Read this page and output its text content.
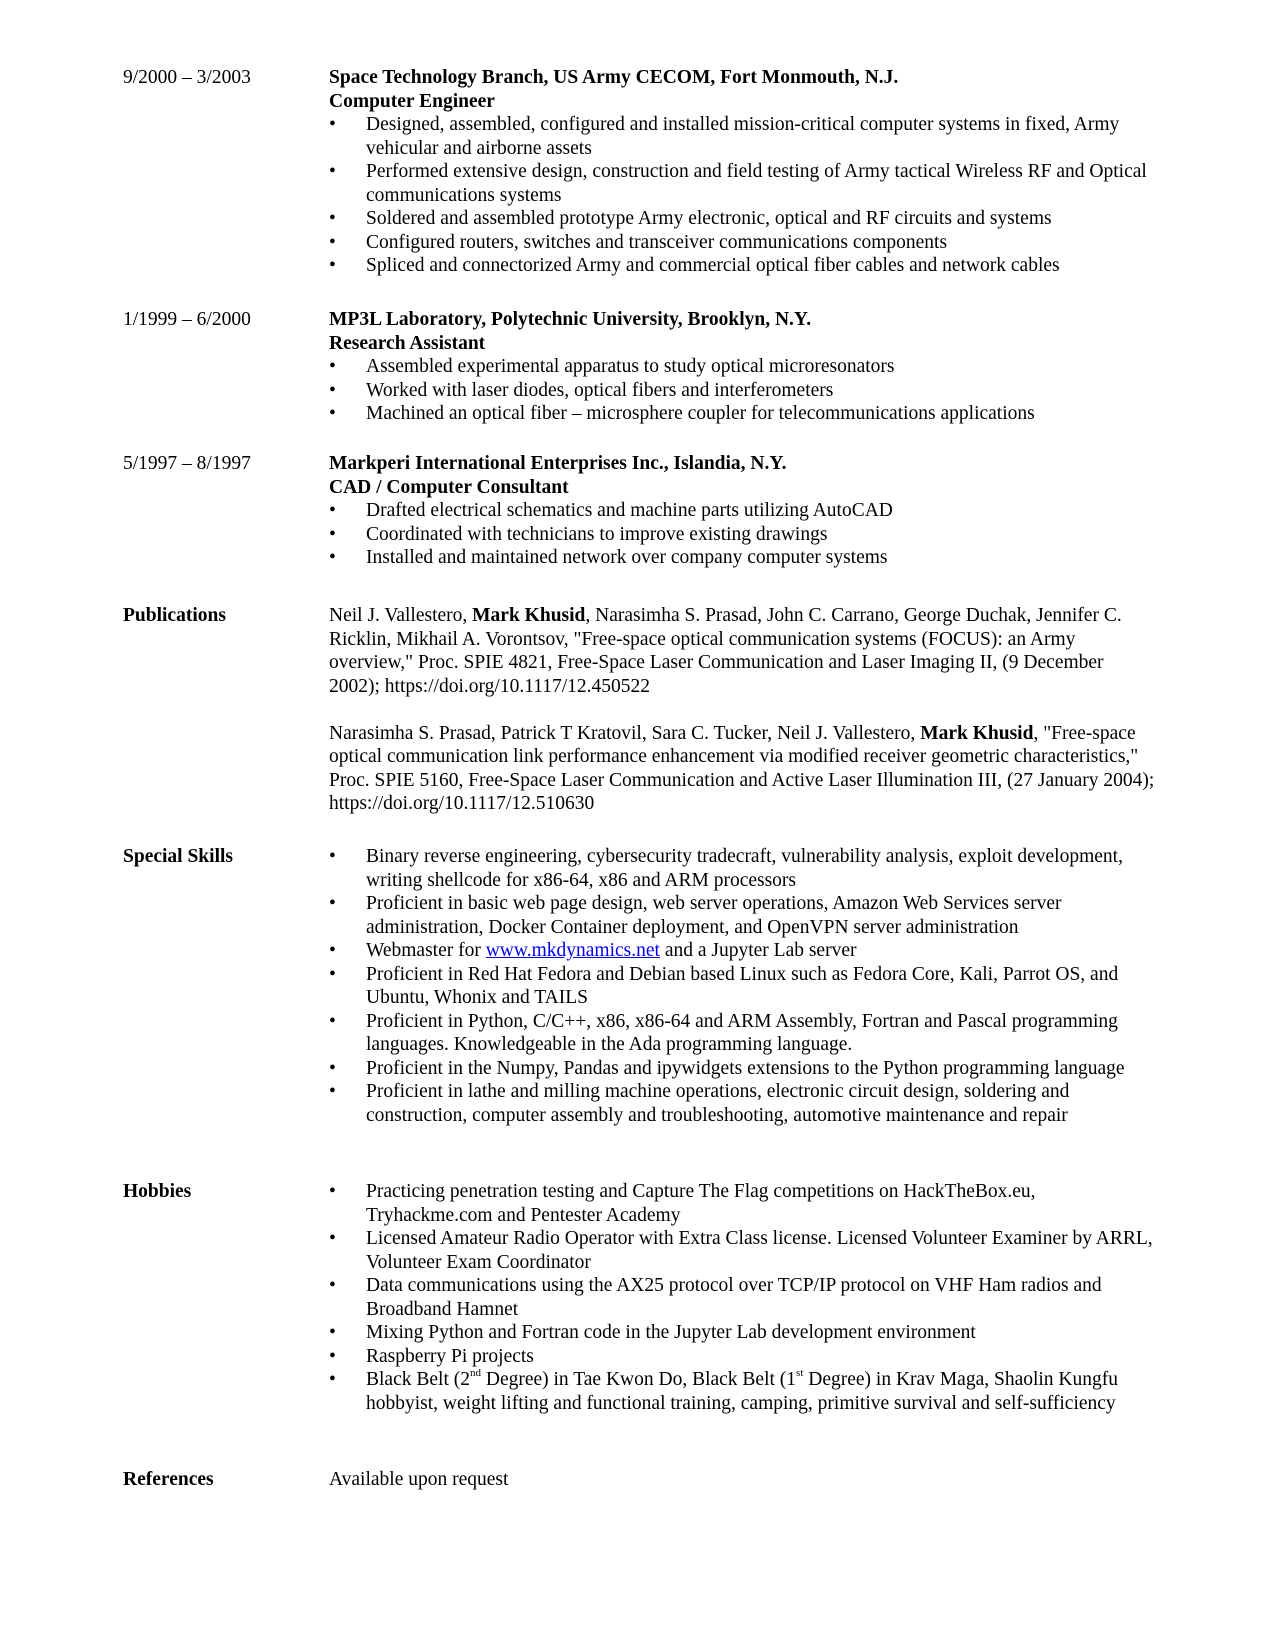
9/2000 – 3/2003	Space Technology Branch, US Army CECOM, Fort Monmouth, N.J.

Computer Engineer

• Designed, assembled, configured and installed mission-critical computer systems in fixed, Army vehicular and airborne assets
• Performed extensive design, construction and field testing of Army tactical Wireless RF and Optical communications systems
• Soldered and assembled prototype Army electronic, optical and RF circuits and systems
• Configured routers, switches and transceiver communications components
• Spliced and connectorized Army and commercial optical fiber cables and network cables
1/1999 – 6/2000	MP3L Laboratory, Polytechnic University, Brooklyn, N.Y.

Research Assistant

• Assembled experimental apparatus to study optical microresonators
• Worked with laser diodes, optical fibers and interferometers
• Machined an optical fiber – microsphere coupler for telecommunications applications
5/1997 – 8/1997	Markperi International Enterprises Inc., Islandia, N.Y.

CAD / Computer Consultant

• Drafted electrical schematics and machine parts utilizing AutoCAD
• Coordinated with technicians to improve existing drawings
• Installed and maintained network over company computer systems
Publications	Neil J. Vallestero, Mark Khusid, Narasimha S. Prasad, John C. Carrano, George Duchak, Jennifer C. Ricklin, Mikhail A. Vorontsov, "Free-space optical communication systems (FOCUS): an Army overview," Proc. SPIE 4821, Free-Space Laser Communication and Laser Imaging II, (9 December 2002); https://doi.org/10.1117/12.450522

Narasimha S. Prasad, Patrick T Kratovil, Sara C. Tucker, Neil J. Vallestero, Mark Khusid, "Free-space optical communication link performance enhancement via modified receiver geometric characteristics," Proc. SPIE 5160, Free-Space Laser Communication and Active Laser Illumination III, (27 January 2004); https://doi.org/10.1117/12.510630

Special Skills	• Binary reverse engineering, cybersecurity tradecraft, vulnerability analysis, exploit development, writing shellcode for x86-64, x86 and ARM processors
• Proficient in basic web page design, web server operations, Amazon Web Services server administration, Docker Container deployment, and OpenVPN server administration
• Webmaster for www.mkdynamics.net and a Jupyter Lab server
• Proficient in Red Hat Fedora and Debian based Linux such as Fedora Core, Kali, Parrot OS, and Ubuntu, Whonix and TAILS
• Proficient in Python, C/C++, x86, x86-64 and ARM Assembly, Fortran and Pascal programming languages. Knowledgeable in the Ada programming language.
• Proficient in the Numpy, Pandas and ipywidgets extensions to the Python programming language
• Proficient in lathe and milling machine operations, electronic circuit design, soldering and construction, computer assembly and troubleshooting, automotive maintenance and repair
Hobbies	• Practicing penetration testing and Capture The Flag competitions on HackTheBox.eu, Tryhackme.com and Pentester Academy
• Licensed Amateur Radio Operator with Extra Class license. Licensed Volunteer Examiner by ARRL, Volunteer Exam Coordinator
• Data communications using the AX25 protocol over TCP/IP protocol on VHF Ham radios and Broadband Hamnet
• Mixing Python and Fortran code in the Jupyter Lab development environment
• Raspberry Pi projects
• Black Belt (2nd Degree) in Tae Kwon Do, Black Belt (1st Degree) in Krav Maga, Shaolin Kungfu hobbyist, weight lifting and functional training, camping, primitive survival and self-sufficiency
References	Available upon request
